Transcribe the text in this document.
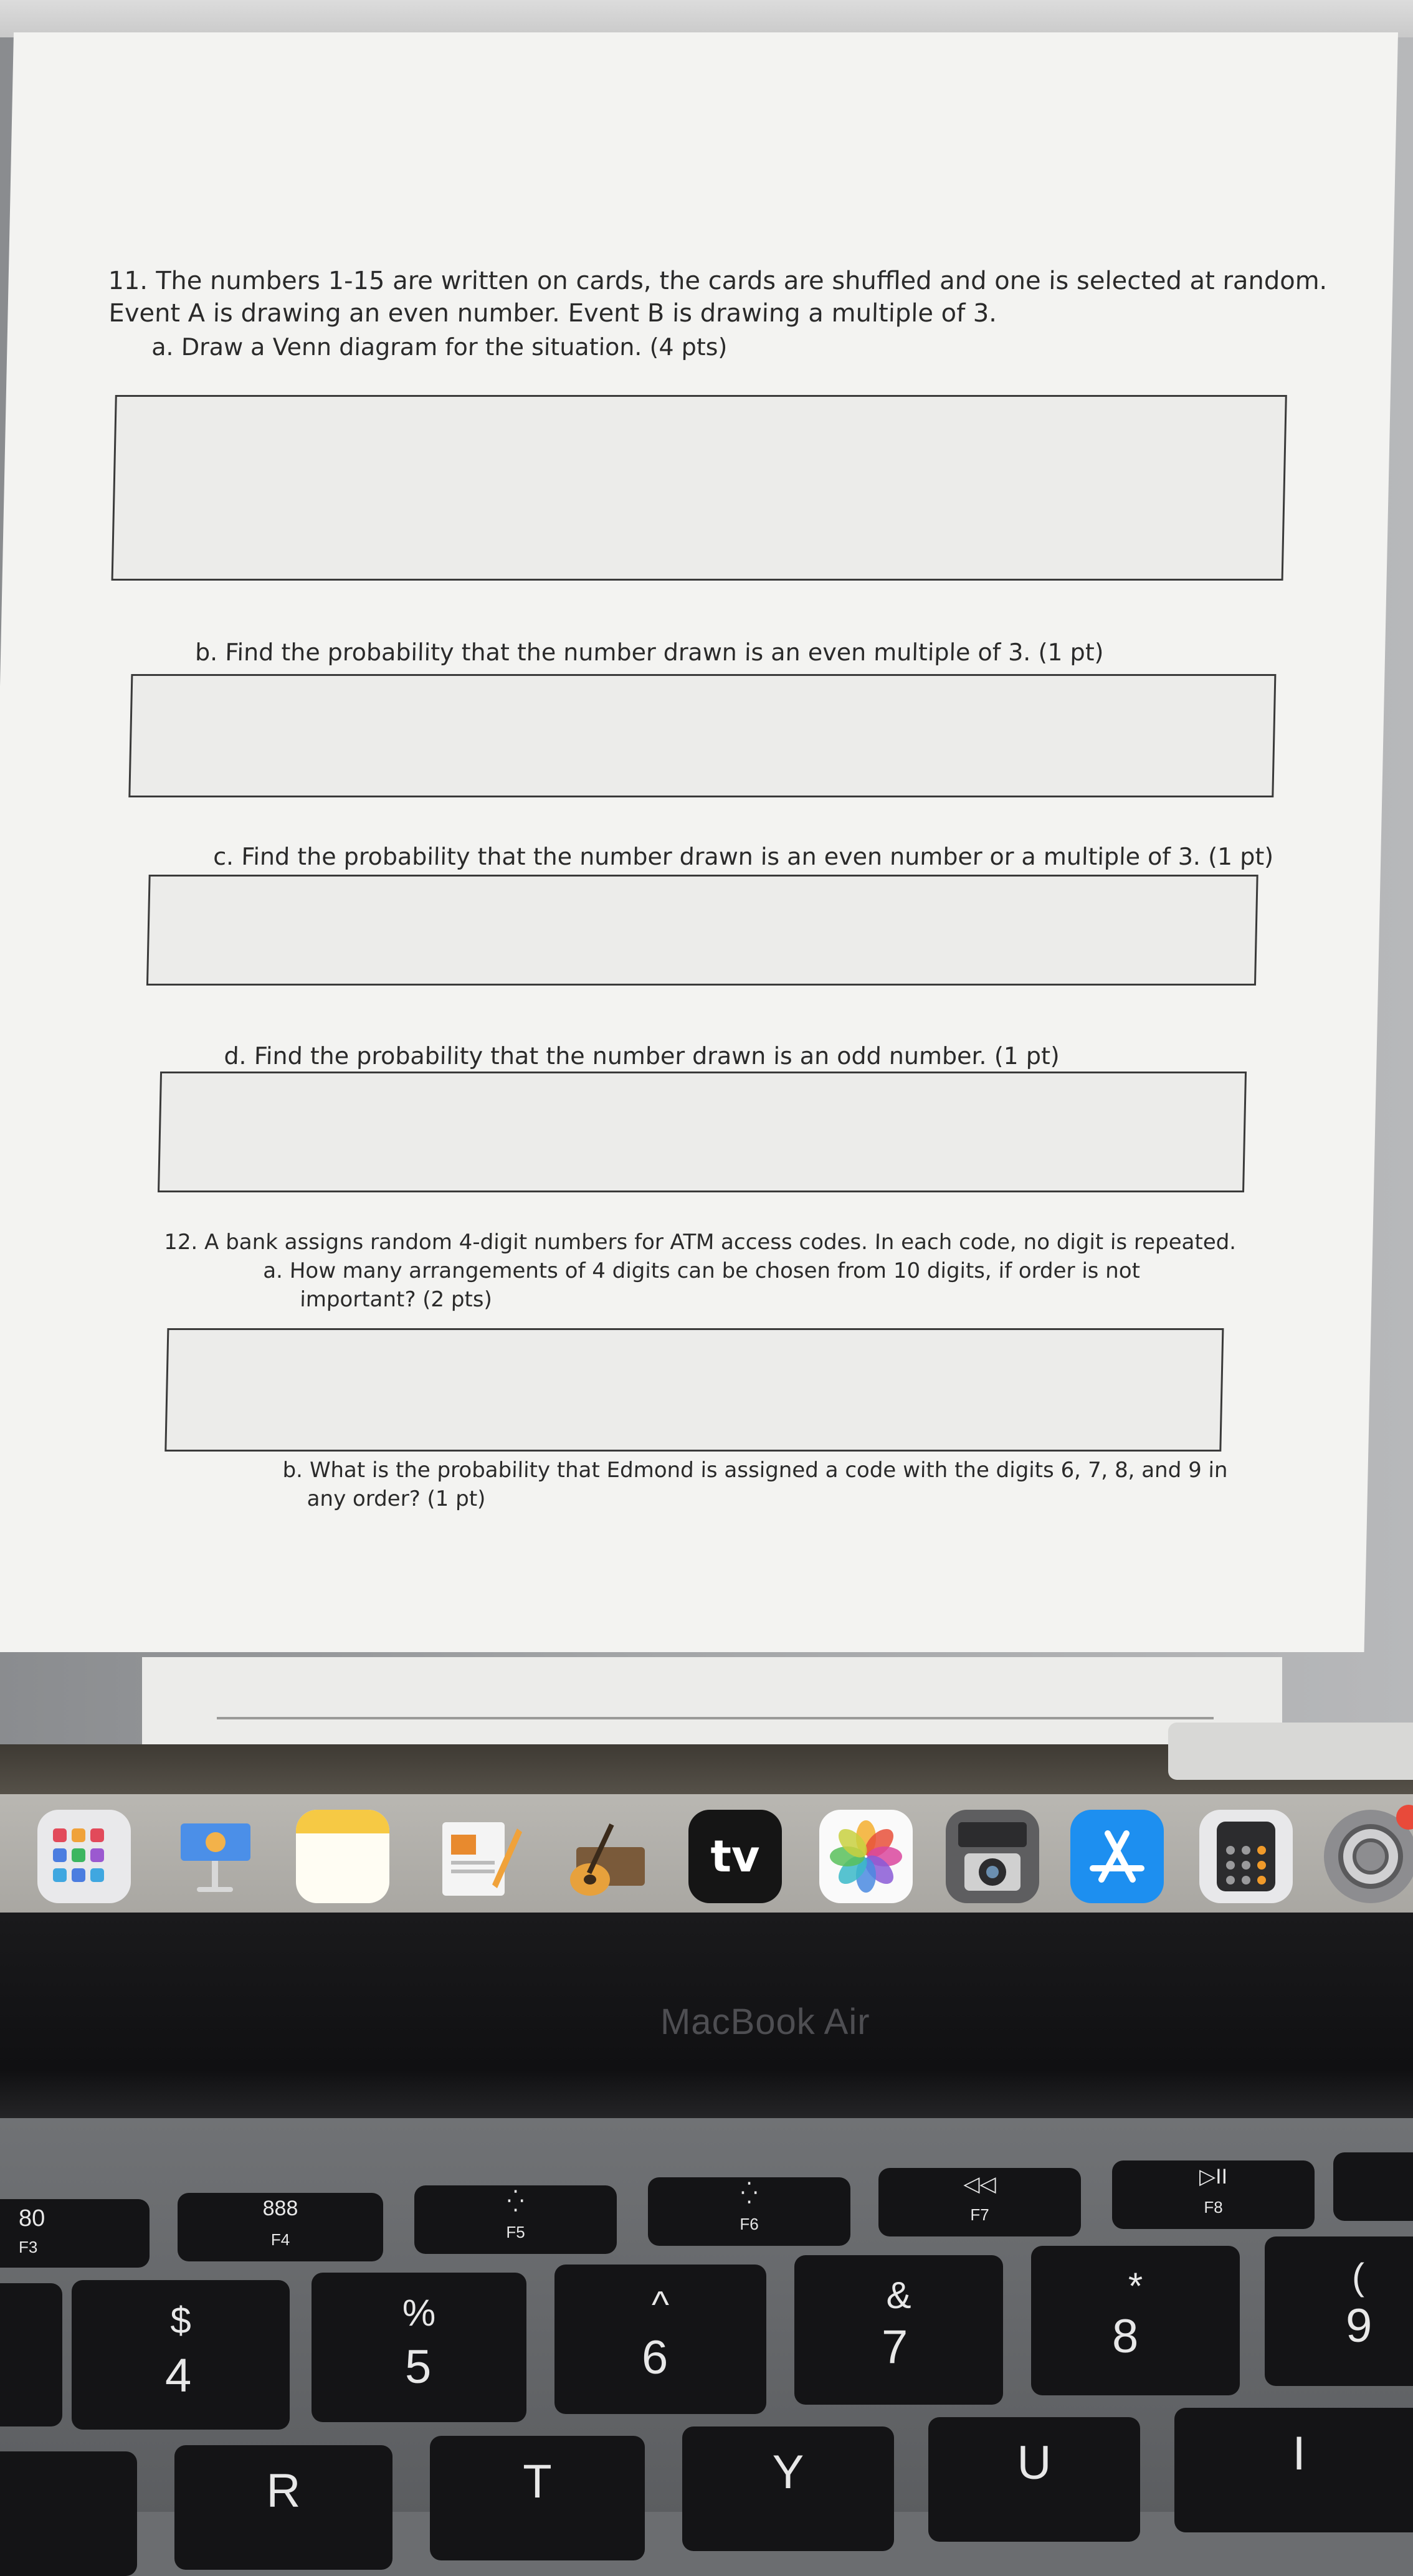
11. The numbers 1-15 are written on cards, the cards are shuffled and one is selected at random.
Event A is drawing an even number. Event B is drawing a multiple of 3.
a. Draw a Venn diagram for the situation. (4 pts)
b. Find the probability that the number drawn is an even multiple of 3. (1 pt)
c. Find the probability that the number drawn is an even number or a multiple of 3. (1 pt)
d. Find the probability that the number drawn is an odd number. (1 pt)
12. A bank assigns random 4-digit numbers for ATM access codes. In each code, no digit is repeated.
a. How many arrangements of 4 digits can be chosen from 10 digits, if order is not
important? (2 pts)
b. What is the probability that Edmond is assigned a code with the digits 6, 7, 8, and 9 in
any order? (1 pt)
tv
MacBook Air
80
F3
888
F4
⁛
F5
⁛
F6
◁◁
F7
▷II
F8
$
4
%
5
^
6
&
7
*
8
(
9
R	T	Y	U	I
